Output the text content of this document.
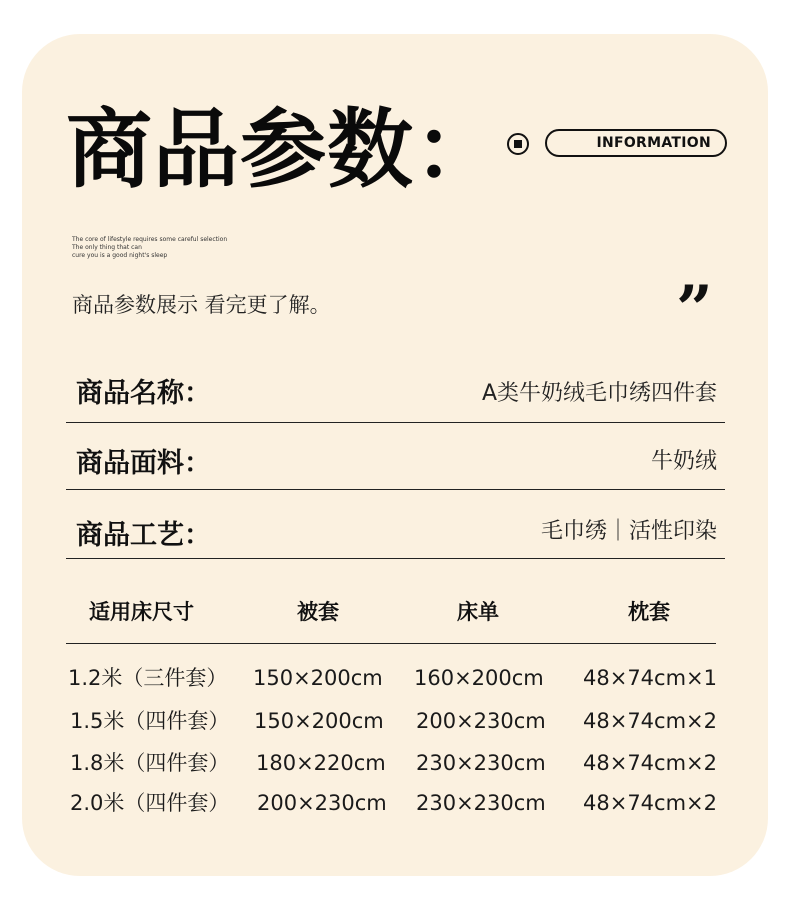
商品参数：	INFORMATION
The core of lifestyle requires some careful selection
The only thing that can
cure you is a good night's sleep
商品参数展示 看完更了解。	”
商品名称：	A类牛奶绒毛巾绣四件套
商品面料：	牛奶绒
商品工艺：	毛巾绣｜活性印染
适用床尺寸	被套	床单	枕套
1.2米（三件套） 150×200cm 160×200cm 48×74cm×1
1.5米（四件套） 150×200cm 200×230cm 48×74cm×2
1.8米（四件套） 180×220cm 230×230cm 48×74cm×2
2.0米（四件套） 200×230cm 230×230cm 48×74cm×2
